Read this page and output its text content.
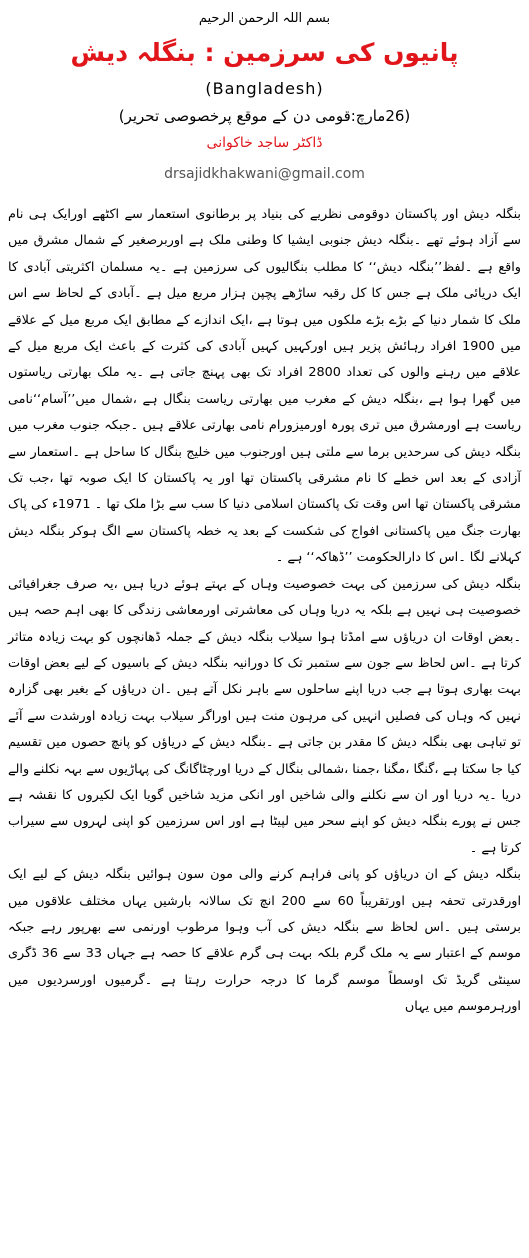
بسم اللہ الرحمن الرحیم
پانیوں کی سرزمین : بنگلہ دیش
(Bangladesh)
(26مارچ:قومی دن کے موقع پرخصوصی تحریر)
ڈاکٹر ساجد خاکوانی
drsajidkhakwani@gmail.com

بنگلہ دیش اور پاکستان دوقومی نظریے کی بنیاد پر برطانوی استعمار سے اکٹھے اورایک ہی نام سے آزاد ہوئے تھے ۔بنگلہ دیش جنوبی ایشیا کا وطنی ملک ہے اوربرصغیر کے شمال مشرق میں واقع ہے ۔لفظ’’بنگلہ دیش‘‘ کا مطلب بنگالیوں کی سرزمین ہے ۔یہ مسلمان اکثریتی آبادی کا ایک دریائی ملک ہے جس کا کل رقبہ ساڑھے پچپن ہزار مربع میل ہے ۔آبادی کے لحاظ سے اس ملک کا شمار دنیا کے بڑے بڑے ملکوں میں ہوتا ہے ،ایک اندازے کے مطابق ایک مربع میل کے علاقے میں 1900 افراد رہائش پزیر ہیں اورکہیں کہیں آبادی کی کثرت کے باعث ایک مربع میل کے علاقے میں رہنے والوں کی تعداد 2800 افراد تک بھی پہنچ جاتی ہے ۔یہ ملک بھارتی ریاستوں میں گھرا ہوا ہے ،بنگلہ دیش کے مغرب میں بھارتی ریاست بنگال ہے ،شمال میں’’آسام‘‘نامی ریاست ہے اورمشرق میں تری پورہ اورمیزورام نامی بھارتی علاقے ہیں ۔جبکہ جنوب مغرب میں بنگلہ دیش کی سرحدیں برما سے ملتی ہیں اورجنوب میں خلیج بنگال کا ساحل ہے ۔استعمار سے آزادی کے بعد اس خطے کا نام مشرقی پاکستان تھا اور یہ پاکستان کا ایک صوبہ تھا ،جب تک مشرقی پاکستان تھا اس وقت تک پاکستان اسلامی دنیا کا سب سے بڑا ملک تھا ۔ 1971ء کی پاک بھارت جنگ میں پاکستانی افواج کی شکست کے بعد یہ خطہ پاکستان سے الگ ہوکر بنگلہ دیش کہلانے لگا ۔اس کا دارالحکومت ’’ڈھاکہ‘‘ ہے ۔

بنگلہ دیش کی سرزمین کی بہت خصوصیت وہاں کے بہتے ہوئے دریا ہیں ،یہ صرف جغرافیائی خصوصیت ہی نہیں ہے بلکہ یہ دریا وہاں کی معاشرتی اورمعاشی زندگی کا بھی اہم حصہ ہیں ۔بعض اوقات ان دریاؤں سے امڈتا ہوا سیلاب بنگلہ دیش کے جملہ ڈھانچوں کو بہت زیادہ متاثر کرتا ہے ۔اس لحاظ سے جون سے ستمبر تک کا دورانیہ بنگلہ دیش کے باسیوں کے لیے بعض اوقات بہت بھاری ہوتا ہے جب دریا اپنے ساحلوں سے باہر نکل آتے ہیں ۔ان دریاؤں کے بغیر بھی گزارہ نہیں کہ وہاں کی فصلیں انہیں کی مرہون منت ہیں اوراگر سیلاب بہت زیادہ اورشدت سے آئے تو تباہی بھی بنگلہ دیش کا مقدر بن جاتی ہے ۔بنگلہ دیش کے دریاؤں کو پانچ حصوں میں تقسیم کیا جا سکتا ہے ،گنگا ،مگنا ،جمنا ،شمالی بنگال کے دریا اورچٹاگانگ کی پہاڑیوں سے بہہ نکلنے والے دریا ۔یہ دریا اور ان سے نکلنے والی شاخیں اور انکی مزید شاخیں گویا ایک لکیروں کا نقشہ ہے جس نے پورے بنگلہ دیش کو اپنے سحر میں لپیٹا ہے اور اس سرزمین کو اپنی لہروں سے سیراب کرتا ہے ۔

بنگلہ دیش کے ان دریاؤں کو پانی فراہم کرنے والی مون سون ہوائیں بنگلہ دیش کے لیے ایک اورقدرتی تحفہ ہیں اورتقریباً 60 سے 200 انچ تک سالانہ بارشیں یہاں مختلف علاقوں میں برستی ہیں ۔اس لحاظ سے بنگلہ دیش کی آب وہوا مرطوب اورنمی سے بھرپور رہے جبکہ موسم کے اعتبار سے یہ ملک گرم بلکہ بہت ہی گرم علاقے کا حصہ ہے جہاں 33 سے 36 ڈگری سینٹی گریڈ تک اوسطاً موسم گرما کا درجہ حرارت رہتا ہے ۔گرمیوں اورسردیوں میں اورہرموسم میں یہاں
